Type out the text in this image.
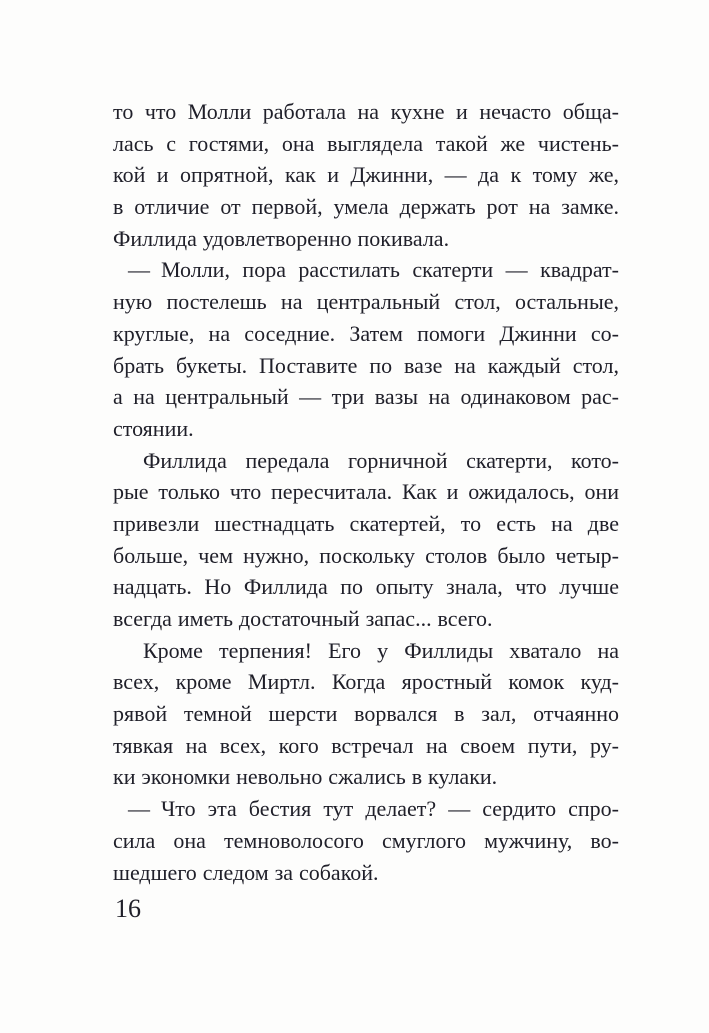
то что Молли работала на кухне и нечасто обща-
лась с гостями, она выглядела такой же чистень-
кой и опрятной, как и Джинни, — да к тому же,
в отличие от первой, умела держать рот на замке.
Филлида удовлетворенно покивала.
— Молли, пора расстилать скатерти — квадрат-
ную постелешь на центральный стол, остальные,
круглые, на соседние. Затем помоги Джинни со-
брать букеты. Поставите по вазе на каждый стол,
а на центральный — три вазы на одинаковом рас-
стоянии.
Филлида передала горничной скатерти, кото-
рые только что пересчитала. Как и ожидалось, они
привезли шестнадцать скатертей, то есть на две
больше, чем нужно, поскольку столов было четыр-
надцать. Но Филлида по опыту знала, что лучше
всегда иметь достаточный запас... всего.
Кроме терпения! Его у Филлиды хватало на
всех, кроме Миртл. Когда яростный комок куд-
рявой темной шерсти ворвался в зал, отчаянно
тявкая на всех, кого встречал на своем пути, ру-
ки экономки невольно сжались в кулаки.
— Что эта бестия тут делает? — сердито спро-
сила она темноволосого смуглого мужчину, во-
шедшего следом за собакой.
16
